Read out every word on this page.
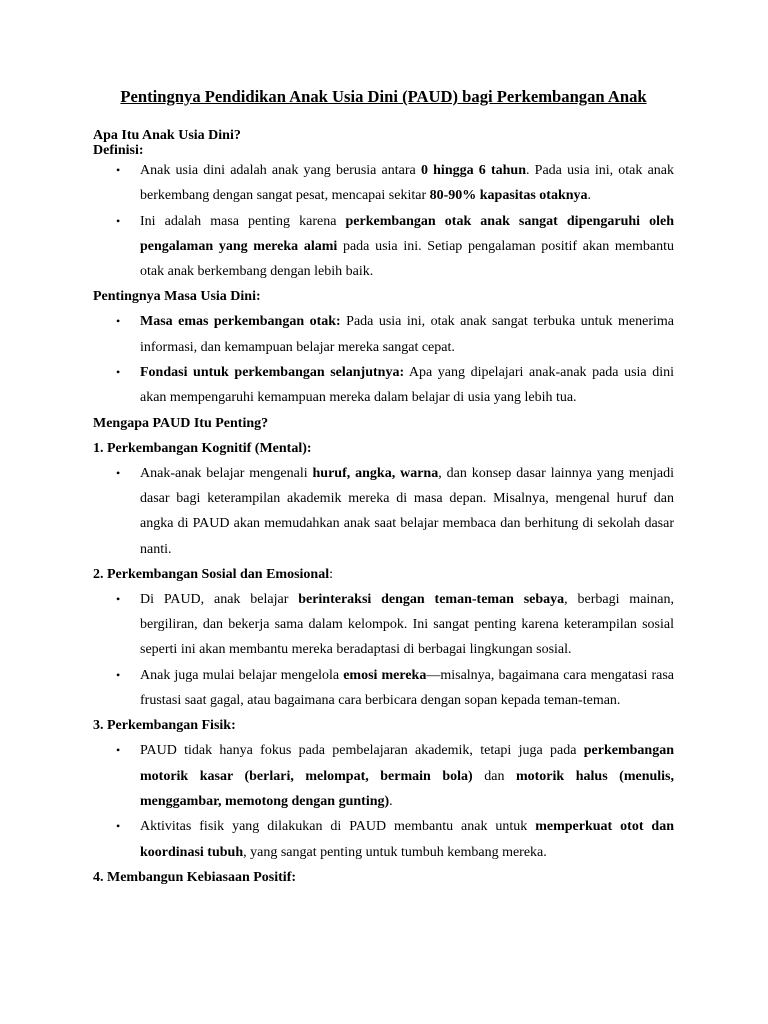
Pentingnya Pendidikan Anak Usia Dini (PAUD) bagi Perkembangan Anak

Apa Itu Anak Usia Dini?

Definisi:

• Anak usia dini adalah anak yang berusia antara 0 hingga 6 tahun. Pada usia ini, otak anak berkembang dengan sangat pesat, mencapai sekitar 80-90% kapasitas otaknya.
• Ini adalah masa penting karena perkembangan otak anak sangat dipengaruhi oleh pengalaman yang mereka alami pada usia ini. Setiap pengalaman positif akan membantu otak anak berkembang dengan lebih baik.

Pentingnya Masa Usia Dini:

• Masa emas perkembangan otak: Pada usia ini, otak anak sangat terbuka untuk menerima informasi, dan kemampuan belajar mereka sangat cepat.
• Fondasi untuk perkembangan selanjutnya: Apa yang dipelajari anak-anak pada usia dini akan mempengaruhi kemampuan mereka dalam belajar di usia yang lebih tua.

Mengapa PAUD Itu Penting?

1. Perkembangan Kognitif (Mental):

• Anak-anak belajar mengenali huruf, angka, warna, dan konsep dasar lainnya yang menjadi dasar bagi keterampilan akademik mereka di masa depan. Misalnya, mengenal huruf dan angka di PAUD akan memudahkan anak saat belajar membaca dan berhitung di sekolah dasar nanti.

2. Perkembangan Sosial dan Emosional:

• Di PAUD, anak belajar berinteraksi dengan teman-teman sebaya, berbagi mainan, bergiliran, dan bekerja sama dalam kelompok. Ini sangat penting karena keterampilan sosial seperti ini akan membantu mereka beradaptasi di berbagai lingkungan sosial.
• Anak juga mulai belajar mengelola emosi mereka—misalnya, bagaimana cara mengatasi rasa frustasi saat gagal, atau bagaimana cara berbicara dengan sopan kepada teman-teman.

3. Perkembangan Fisik:

• PAUD tidak hanya fokus pada pembelajaran akademik, tetapi juga pada perkembangan motorik kasar (berlari, melompat, bermain bola) dan motorik halus (menulis, menggambar, memotong dengan gunting).
• Aktivitas fisik yang dilakukan di PAUD membantu anak untuk memperkuat otot dan koordinasi tubuh, yang sangat penting untuk tumbuh kembang mereka.

4. Membangun Kebiasaan Positif:
